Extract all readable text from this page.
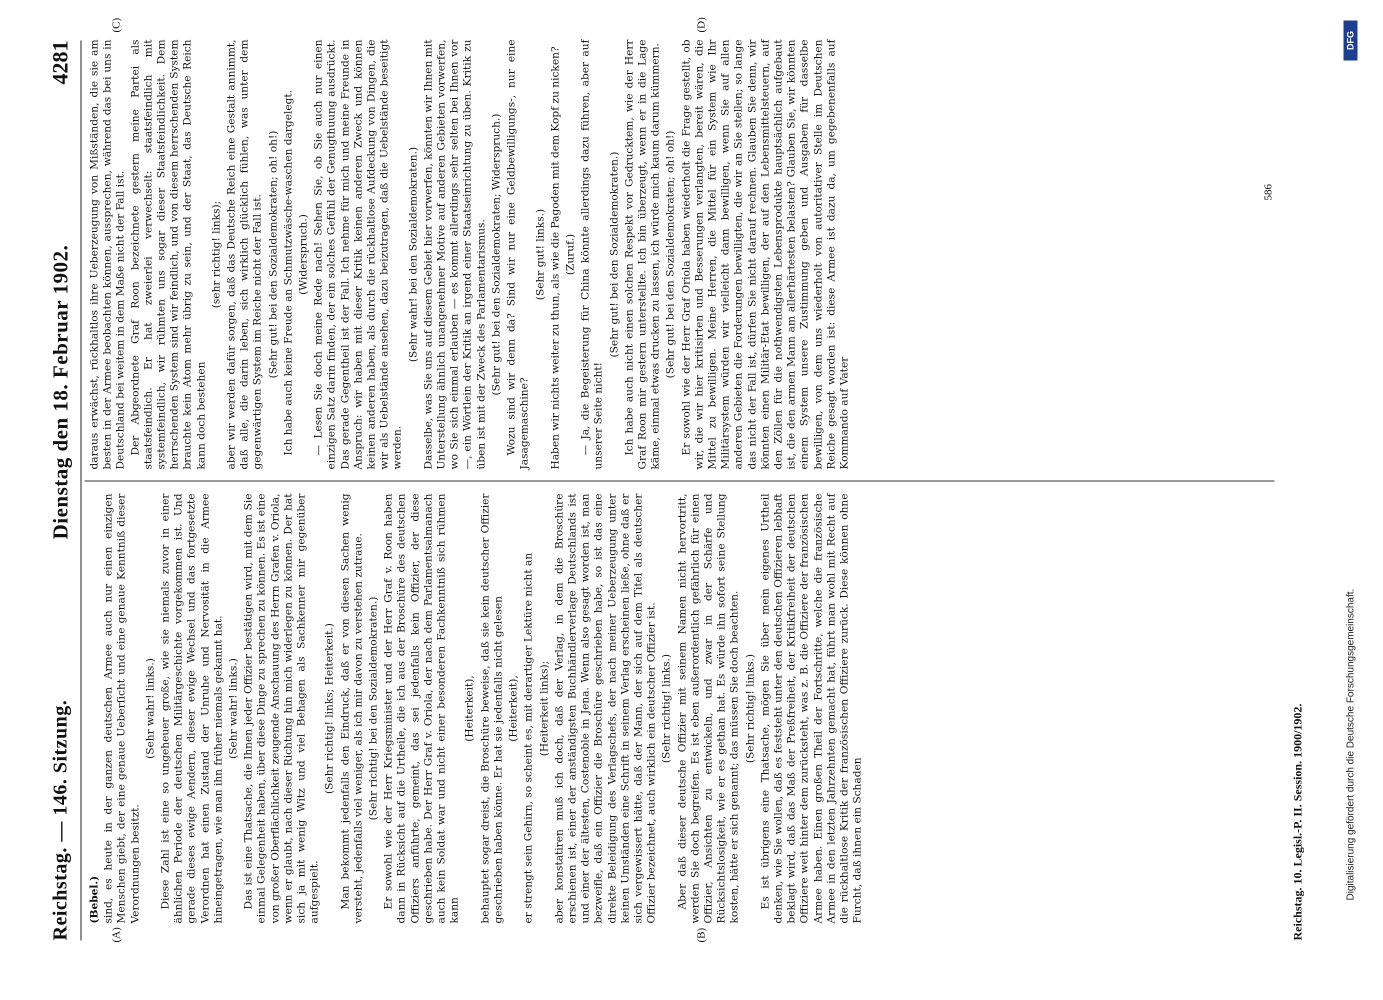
Reichstag. — 146. Sitzung.
Dienstag den 18. Februar 1902.
4281
(A)	(B)
(C)	(D)

(Bebel.) sind, es heute in der ganzen deutschen Armee auch nur einen einzigen Menschen giebt, der eine genaue Ueberſicht und eine genaue Kenntniß dieser Verordnungen besitzt.

(Sehr wahr! links.) Diese Zahl ist eine so ungeheuer große, wie sie niemals zuvor in einer ähnlichen Periode der deutschen Militärgeschichte vorgekommen ist. Und gerade dieses ewige Aendern, dieser ewige Wechsel und das fortgesetzte Verordnen hat einen Zustand der Unruhe und Nervosität in die Armee hineingetragen, wie man ihn früher niemals gekannt hat. (Sehr wahr! links.) Das ist eine Thatsache, die Ihnen jeder Offizier bestätigen wird, mit dem Sie einmal Gelegenheit haben, über diese Dinge zu sprechen zu können. Es ist eine von großer Oberflächlichkeit zeugende Anschauung des Herrn Grafen v. Oriola, wenn er glaubt, nach dieser Richtung hin mich widerlegen zu können. Der hat sich ja mit wenig Witz und viel Behagen als Sachkenner mir gegenüber aufgespielt.

(Sehr richtig! links; Heiterkeit.) Man bekommt jedenfalls den Eindruck, daß er von diesen Sachen wenig versteht, jedenfalls viel weniger, als ich mir davon zu verstehen zutraue. (Sehr richtig! bei den Sozialdemokraten.) Er sowohl wie der Herr Kriegsminister und der Herr Graf v. Roon haben dann in Rücksicht auf die Urtheile, die ich aus der Broschüre des deutschen Offiziers anführte, gemeint, das sei jedenfalls kein Offizier, der diese geschrieben habe. Der Herr Graf v. Oriola, der nach dem Parlamentsalmanach auch kein Soldat war und nicht einer besonderen Fachkenntniß sich rühmen kann

(Heiterkeit), behauptet sogar dreist, die Broschüre beweise, daß sie kein deutscher Offizier geschrieben haben könne. Er hat sie jedenfalls nicht gelesen (Heiterkeit), er strengt sein Gehirn, so scheint es, mit derartiger Lektüre nicht an (Heiterkeit links); aber konstatiren muß ich doch, daß der Verlag, in dem die Broschüre erschienen ist, einer der anständigsten Buchhändlerverlage Deutschlands ist und einer der ältesten, Costenoble in Jena. Wenn also gesagt worden ist, man bezweifle, daß ein Offizier die Broschüre geschrieben habe, so ist das eine direkte Beleidigung des Verlagschefs, der nach meiner Ueberzeugung unter keinen Umständen eine Schrift in seinem Verlag erscheinen ließe, ohne daß er sich vergewissert hätte, daß der Mann, der sich auf dem Titel als deutscher Offizier bezeichnet, auch wirklich ein deutscher Offizier ist. (Sehr richtig! links.) Aber daß dieser deutsche Offizier mit seinem Namen nicht hervortritt, werden Sie doch begreifen. Es ist eben außerordentlich gefährlich für einen Offizier, Ansichten zu entwickeln, und zwar in der Schärfe und Rücksichtslosigkeit, wie er es gethan hat. Es würde ihn sofort seine Stellung kosten, hätte er sich genannt; das müssen Sie doch beachten. (Sehr richtig! links.) Es ist übrigens eine Thatsache, mögen Sie über mein eigenes Urtheil denken, wie Sie wollen, daß es feststeht unter den deutschen Offizieren lebhaft beklagt wird, daß das Maß der Preßfreiheit, der Kritikfreiheit der deutschen Offiziere weit hinter dem zurücksteht, was z. B. die Offiziere der französischen Armee haben. Einen großen Theil der Fortschritte, welche die französische Armee in den letzten Jahrzehnten gemacht hat, führt man wohl mit Recht auf die rückhaltlose Kritik der französischen Offiziere zurück. Diese können ohne Furcht, daß ihnen ein Schaden

daraus erwächst, rückhaltlos ihre Ueberzeugung von Mißständen, die sie am besten in der Armee beobachten können, aussprechen, während das bei uns in Deutschland bei weitem in dem Maße nicht der Fall ist. Der Abgeordnete Graf Roon bezeichnete gestern meine Partei als staatsfeindlich. Er hat zweierlei verwechselt: staatsfeindlich mit systemfeindlich, wir rühmten uns sogar dieser Staatsfeindlichkeit. Dem herrschenden System sind wir feindlich, und von diesem herrschenden System brauchte kein Atom mehr übrig zu sein, und der Staat, das Deutsche Reich kann doch bestehen

(sehr richtig! links); aber wir werden dafür sorgen, daß das Deutsche Reich eine Gestalt annimmt, daß alle, die darin leben, sich wirklich glücklich fühlen, was unter dem gegenwärtigen System im Reiche nicht der Fall ist. (Sehr gut! bei den Sozialdemokraten; oh! oh!) Ich habe auch keine Freude an Schmutzwäsche-waschen dargelegt. (Widerspruch.) — Lesen Sie doch meine Rede nach! Sehen Sie, ob Sie auch nur einen einzigen Satz darin finden, der ein solches Gefühl der Genugthuung ausdrückt. Das gerade Gegentheil ist der Fall. Ich nehme für mich und meine Freunde in Anspruch: wir haben mit dieser Kritik keinen anderen Zweck und können keinen anderen haben, als durch die rückhaltlose Aufdeckung von Dingen, die wir als Uebelstände ansehen, dazu beizutragen, daß die Uebelstände beseitigt werden.

(Sehr wahr! bei den Sozialdemokraten.) Dasselbe, was Sie uns auf diesem Gebiet hier vorwerfen, könnten wir Ihnen mit Unterstellung ähnlich unangenehmer Motive auf anderen Gebieten vorwerfen, wo Sie sich einmal erlauben — es kommt allerdings sehr selten bei Ihnen vor —, ein Wörtlein der Kritik an irgend einer Staatseinrichtung zu üben. Kritik zu üben ist mit der Zweck des Parlamentarismus. (Sehr gut! bei den Sozialdemokraten; Widerspruch.) Wozu sind wir denn da? Sind wir nur eine Geldbewilligungs-, nur eine Jasagemaschine?

(Sehr gut! links.) Haben wir nichts weiter zu thun, als wie die Pagoden mit dem Kopf zu nicken? (Zuruf.) — Ja, die Begeisterung für China könnte allerdings dazu führen, aber auf unserer Seite nicht!

(Sehr gut! bei den Sozialdemokraten.) Ich habe auch nicht einen solchen Respekt vor Gedrucktem, wie der Herr Graf Roon mir gestern unterstellte. Ich bin überzeugt, wenn er in die Lage käme, einmal etwas drucken zu lassen, ich würde mich kaum darum kümmern. (Sehr gut! bei den Sozialdemokraten; oh! oh!) Er sowohl wie der Herr Graf Oriola haben wiederholt die Frage gestellt, ob wir, die wir hier kritisirten und Besserungen verlangten, bereit wären, die Mittel zu bewilligen. Meine Herren, die Mittel für ein System wie Ihr Militärsystem würden wir vielleicht dann bewilligen, wenn Sie auf allen anderen Gebieten die Forderungen bewilligten, die wir an Sie stellen; so lange das nicht der Fall ist, dürfen Sie nicht darauf rechnen. Glauben Sie denn, wir könnten einen Militär-Etat bewilligen, der auf den Lebensmittelsteuern, auf den Zöllen für die nothwendigsten Lebensprodukte hauptsächlich aufgebaut ist, die den armen Mann am allerhärtesten belasten? Glauben Sie, wir könnten einem System unsere Zustimmung geben und Ausgaben für dasselbe bewilligen, von dem uns wiederholt von autoritativer Stelle im Deutschen Reiche gesagt worden ist: diese Armee ist dazu da, um gegebenenfalls auf Kommando auf Vater

Reichstag. 10. Legisl.-P. II. Session. 1900/1902.
586
Digitalisierung gefördert durch die Deutsche Forschungsgemeinschaft.
DFG
